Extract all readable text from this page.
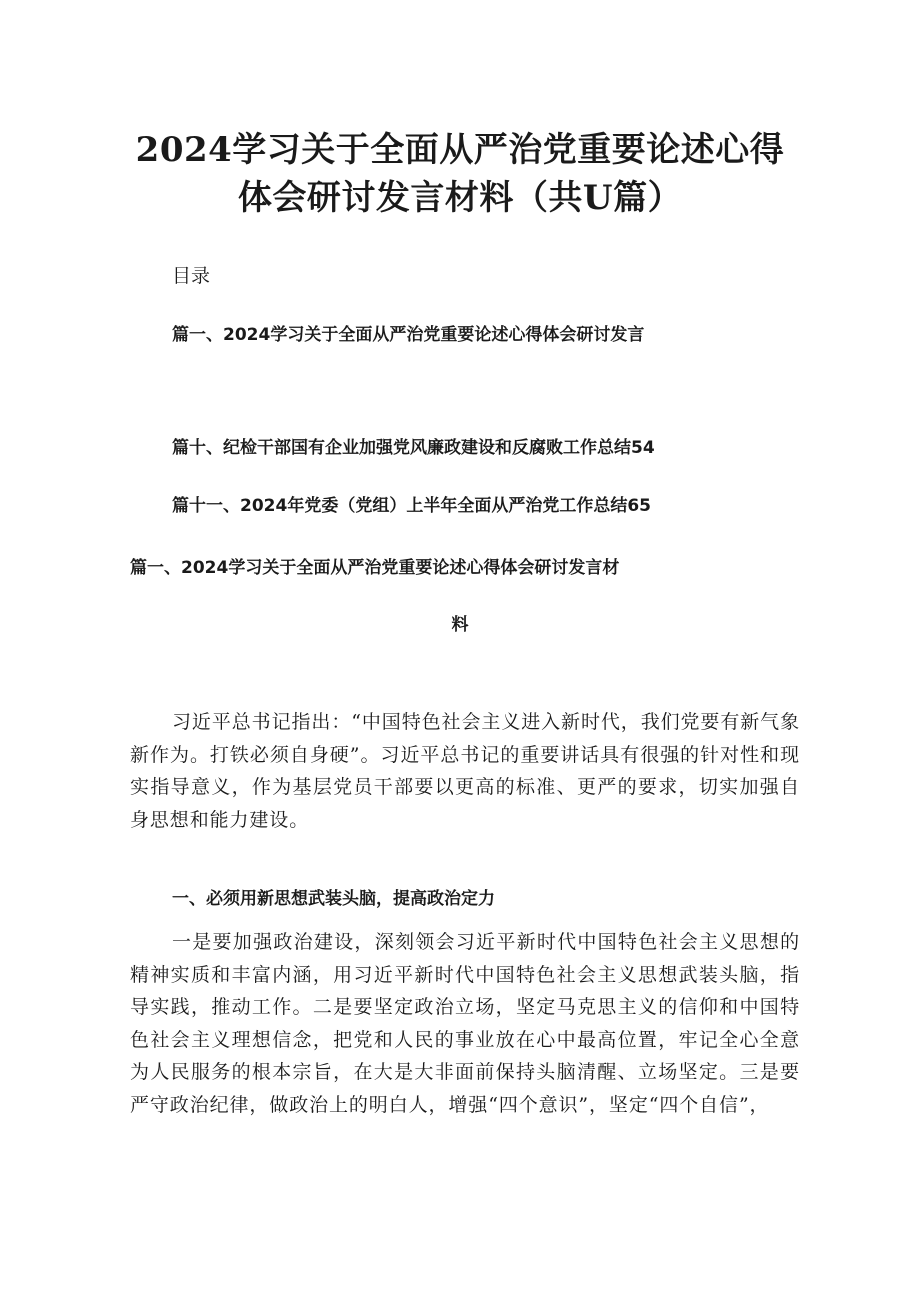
2024学习关于全面从严治党重要论述心得
体会研讨发言材料（共U篇）
目录
篇一、2024学习关于全面从严治党重要论述心得体会研讨发言
篇十、纪检干部国有企业加强党风廉政建设和反腐败工作总结54
篇十一、2024年党委（党组）上半年全面从严治党工作总结65
篇一、2024学习关于全面从严治党重要论述心得体会研讨发言材
料
习近平总书记指出：“中国特色社会主义进入新时代，我们党要有新气象新作为。打铁必须自身硬”。习近平总书记的重要讲话具有很强的针对性和现实指导意义，作为基层党员干部要以更高的标准、更严的要求，切实加强自身思想和能力建设。
一、必须用新思想武装头脑，提高政治定力
一是要加强政治建设，深刻领会习近平新时代中国特色社会主义思想的精神实质和丰富内涵，用习近平新时代中国特色社会主义思想武装头脑，指导实践，推动工作。二是要坚定政治立场，坚定马克思主义的信仰和中国特色社会主义理想信念，把党和人民的事业放在心中最高位置，牢记全心全意为人民服务的根本宗旨，在大是大非面前保持头脑清醒、立场坚定。三是要严守政治纪律，做政治上的明白人，增强“四个意识”，坚定“四个自信”，
